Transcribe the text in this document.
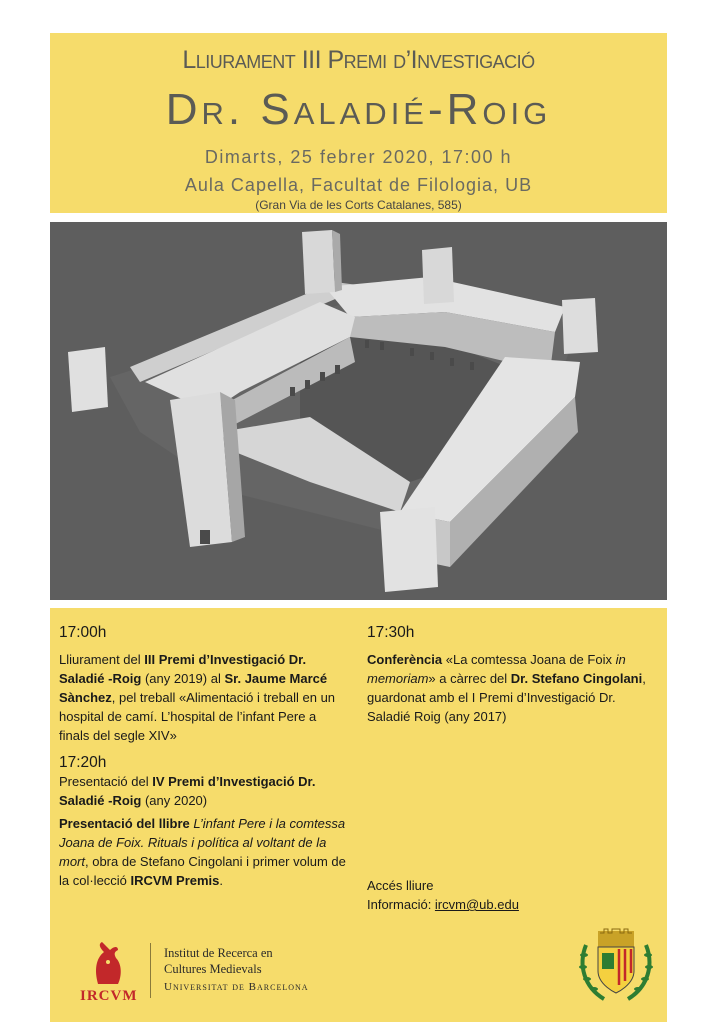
Lliurament III Premi d’Investigació
Dr. Saladié-Roig
Dimarts, 25 febrer 2020, 17:00 h
Aula Capella, Facultat de Filologia, UB
(Gran Via de les Corts Catalanes, 585)
17:00h
Lliurament del III Premi d’Investigació Dr. Saladié -Roig (any 2019) al Sr. Jaume Marcé Sànchez, pel treball «Alimentació i treball en un hospital de camí. L’hospital de l’infant Pere a finals del segle XIV»
17:20h
Presentació del IV Premi d’Investigació Dr. Saladié -Roig (any 2020)
Presentació del llibre L’infant Pere i la comtessa Joana de Foix. Rituals i política al voltant de la mort, obra de Stefano Cingolani i primer volum de la col·lecció IRCVM Premis.
17:30h
Conferència «La comtessa Joana de Foix in memoriam» a càrrec del Dr. Stefano Cingolani, guardonat amb el I Premi d’Investigació Dr. Saladié Roig (any 2017)
Accés lliure
Informació: ircvm@ub.edu
IRCVM
Institut de Recerca en Cultures Medievals
Universitat de Barcelona
